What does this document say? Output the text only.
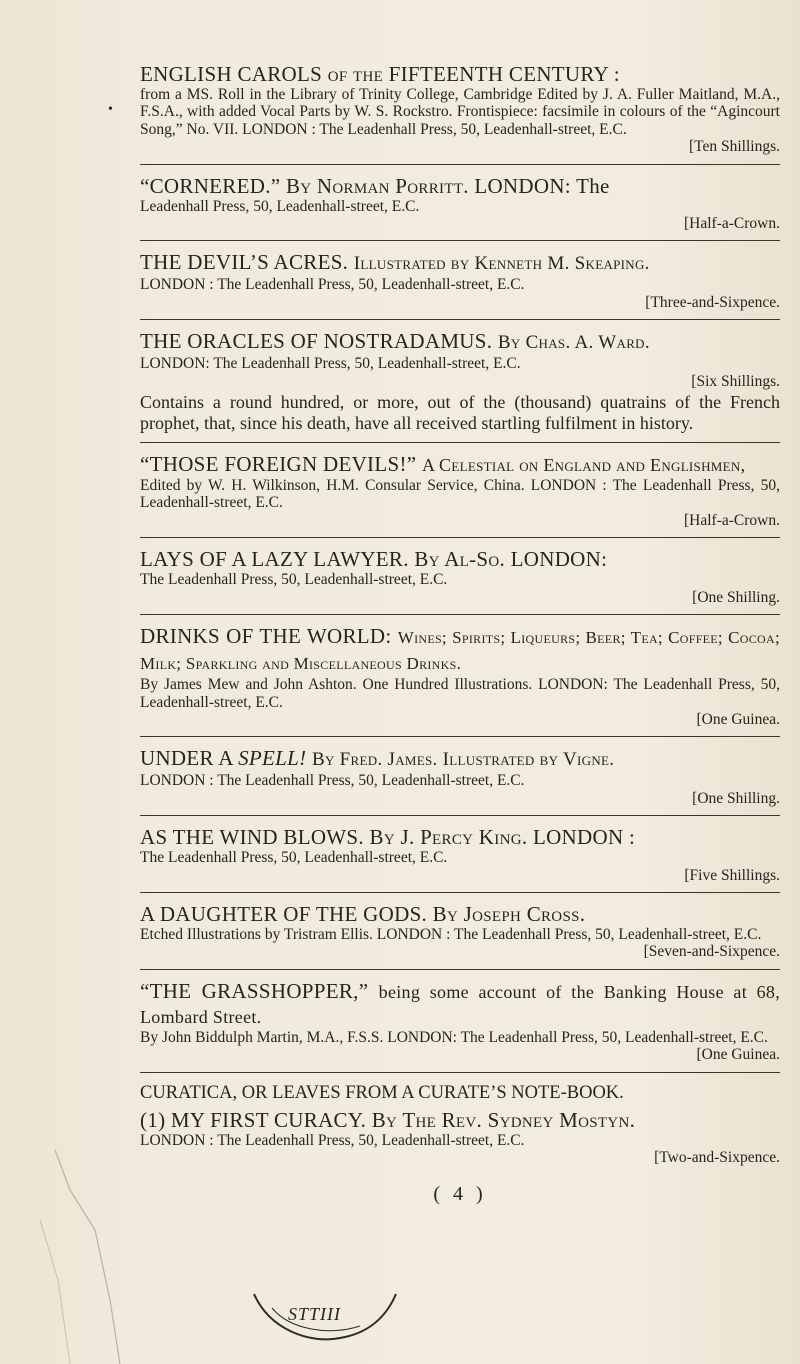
•
ENGLISH CAROLS of the FIFTEENTH CENTURY :
from a MS. Roll in the Library of Trinity College, Cambridge Edited by J. A. Fuller Maitland, M.A., F.S.A., with added Vocal Parts by W. S. Rockstro. Frontispiece: facsimile in colours of the “Agincourt Song,” No. VII. LONDON : The Leadenhall Press, 50, Leadenhall-street, E.C.
[Ten Shillings.
“CORNERED.” By Norman Porritt. LONDON: The
Leadenhall Press, 50, Leadenhall-street, E.C.
[Half-a-Crown.
THE DEVIL’S ACRES. Illustrated by Kenneth M. Skeaping.
LONDON : The Leadenhall Press, 50, Leadenhall-street, E.C.
[Three-and-Sixpence.
THE ORACLES OF NOSTRADAMUS. By Chas. A. Ward.
LONDON: The Leadenhall Press, 50, Leadenhall-street, E.C.
[Six Shillings.
Contains a round hundred, or more, out of the (thousand) quatrains of the French prophet, that, since his death, have all received startling fulfilment in history.
“THOSE FOREIGN DEVILS!” A Celestial on England and Englishmen,
Edited by W. H. Wilkinson, H.M. Consular Service, China. LONDON : The Leadenhall Press, 50, Leadenhall-street, E.C.
[Half-a-Crown.
LAYS OF A LAZY LAWYER. By Al-So. LONDON:
The Leadenhall Press, 50, Leadenhall-street, E.C.
[One Shilling.
DRINKS OF THE WORLD: Wines; Spirits; Liqueurs; Beer; Tea; Coffee; Cocoa; Milk; Sparkling and Miscellaneous Drinks.
By James Mew and John Ashton. One Hundred Illustrations. LONDON: The Leadenhall Press, 50, Leadenhall-street, E.C.
[One Guinea.
UNDER A SPELL! By Fred. James. Illustrated by Vigne.
LONDON : The Leadenhall Press, 50, Leadenhall-street, E.C.
[One Shilling.
AS THE WIND BLOWS. By J. Percy King. LONDON :
The Leadenhall Press, 50, Leadenhall-street, E.C.
[Five Shillings.
A DAUGHTER OF THE GODS. By Joseph Cross.
Etched Illustrations by Tristram Ellis. LONDON : The Leadenhall Press, 50, Leadenhall-street, E.C.
[Seven-and-Sixpence.
“THE GRASSHOPPER,” being some account of the Banking House at 68, Lombard Street.
By John Biddulph Martin, M.A., F.S.S. LONDON: The Leadenhall Press, 50, Leadenhall-street, E.C.
[One Guinea.
CURATICA, OR LEAVES FROM A CURATE’S NOTE-BOOK.
(1) MY FIRST CURACY. By The Rev. Sydney Mostyn.
LONDON : The Leadenhall Press, 50, Leadenhall-street, E.C.
[Two-and-Sixpence.
( 4 )
STTIII
